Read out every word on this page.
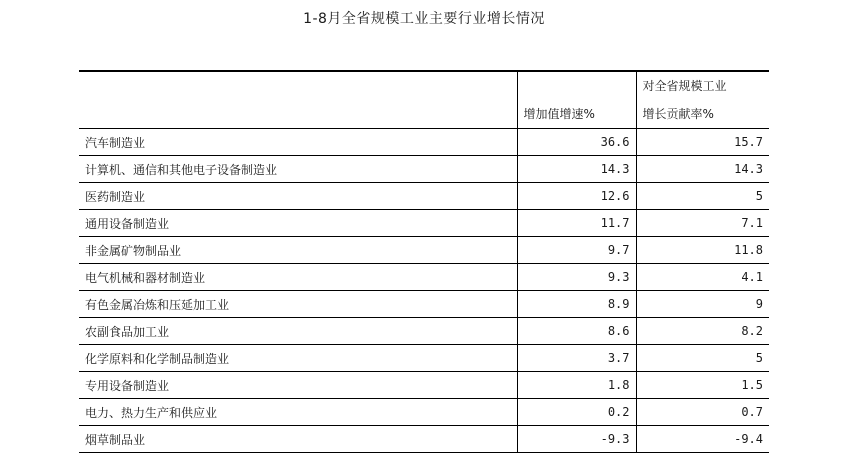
1-8月全省规模工业主要行业增长情况
	增加值增速%	对全省规模工业
增长贡献率%

汽车制造业	36.6	15.7
计算机、通信和其他电子设备制造业	14.3	14.3
医药制造业	12.6	5
通用设备制造业	11.7	7.1
非金属矿物制品业	9.7	11.8
电气机械和器材制造业	9.3	4.1
有色金属冶炼和压延加工业	8.9	9
农副食品加工业	8.6	8.2
化学原料和化学制品制造业	3.7	5
专用设备制造业	1.8	1.5
电力、热力生产和供应业	0.2	0.7
烟草制品业	-9.3	-9.4
